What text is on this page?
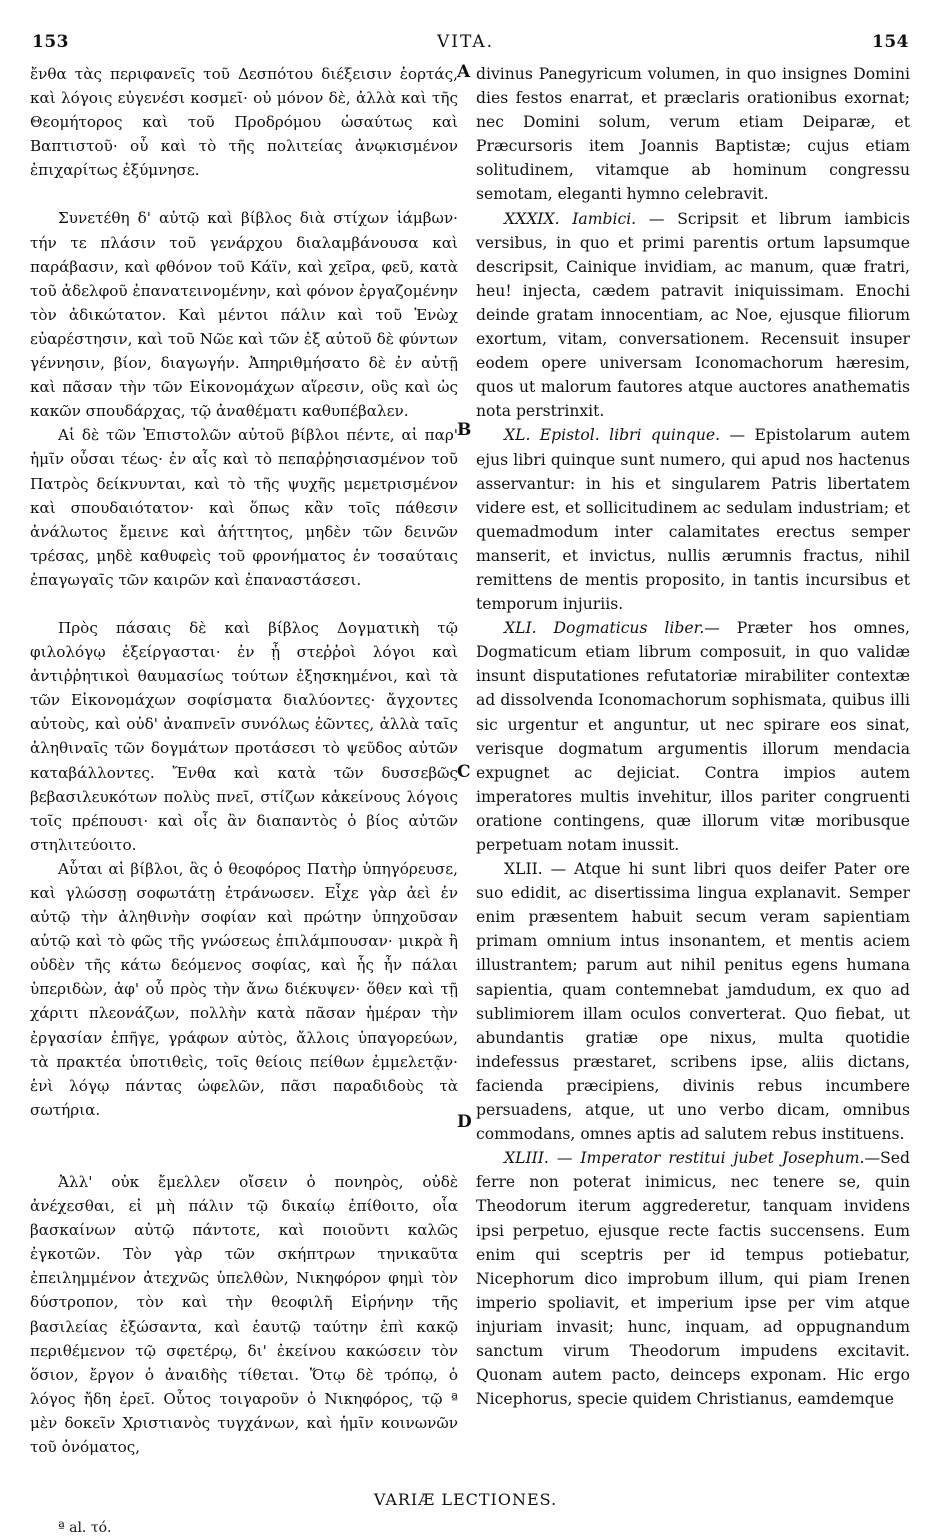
153	VITA.	154

ἔνθα τὰς περιφανεῖς τοῦ Δεσπότου διέξεισιν ἑορτάς, καὶ λόγοις εὐγενέσι κοσμεῖ· οὐ μόνον δὲ, ἀλλὰ καὶ τῆς Θεομήτορος καὶ τοῦ Προδρόμου ὡσαύτως καὶ Βαπτιστοῦ· οὗ καὶ τὸ τῆς πολιτείας ἀνῳκισμένον ἐπιχαρίτως ἐξύμνησε.

Συνετέθη δ' αὐτῷ καὶ βίβλος διὰ στίχων ἰάμβων· τήν τε πλάσιν τοῦ γενάρχου διαλαμβάνουσα καὶ παράβασιν, καὶ φθόνον τοῦ Κάϊν, καὶ χεῖρα, φεῦ, κατὰ τοῦ ἀδελφοῦ ἐπανατεινομένην, καὶ φόνον ἐργαζομένην τὸν ἀδικώτατον. Καὶ μέντοι πάλιν καὶ τοῦ Ἐνὼχ εὐαρέστησιν, καὶ τοῦ Νῶε καὶ τῶν ἐξ αὐτοῦ δὲ φύντων γέννησιν, βίον, διαγωγήν. Ἀπηριθμήσατο δὲ ἐν αὐτῇ καὶ πᾶσαν τὴν τῶν Εἰκονομάχων αἵρεσιν, οὓς καὶ ὡς κακῶν σπουδάρχας, τῷ ἀναθέματι καθυπέβαλεν.

Αἱ δὲ τῶν Ἐπιστολῶν αὐτοῦ βίβλοι πέντε, αἱ παρ' ἡμῖν οὖσαι τέως· ἐν αἷς καὶ τὸ πεπαῤῥησιασμένον τοῦ Πατρὸς δείκνυνται, καὶ τὸ τῆς ψυχῆς μεμετρισμένον καὶ σπουδαιότατον· καὶ ὅπως κἂν τοῖς πάθεσιν ἀνάλωτος ἔμεινε καὶ ἀήττητος, μηδὲν τῶν δεινῶν τρέσας, μηδὲ καθυφεὶς τοῦ φρονήματος ἐν τοσαύταις ἐπαγωγαῖς τῶν καιρῶν καὶ ἐπαναστάσεσι.

Πρὸς πάσαις δὲ καὶ βίβλος Δογματικὴ τῷ φιλολόγῳ ἐξείργασται· ἐν ᾗ στεῤῥοὶ λόγοι καὶ ἀντιῤῥητικοὶ θαυμασίως τούτων ἐξησκημένοι, καὶ τὰ τῶν Εἰκονομάχων σοφίσματα διαλύοντες· ἄγχοντες αὐτοὺς, καὶ οὐδ' ἀναπνεῖν συνόλως ἐῶντες, ἀλλὰ ταῖς ἀληθιναῖς τῶν δογμάτων προτάσεσι τὸ ψεῦδος αὐτῶν καταβάλλοντες. Ἔνθα καὶ κατὰ τῶν δυσσεβῶς βεβασιλευκότων πολὺς πνεῖ, στίζων κἀκείνους λόγοις τοῖς πρέπουσι· καὶ οἷς ἂν διαπαντὸς ὁ βίος αὐτῶν στηλιτεύοιτο.

Αὗται αἱ βίβλοι, ἃς ὁ θεοφόρος Πατὴρ ὑπηγόρευσε, καὶ γλώσσῃ σοφωτάτῃ ἐτράνωσεν. Εἶχε γὰρ ἀεὶ ἐν αὐτῷ τὴν ἀληθινὴν σοφίαν καὶ πρώτην ὑπηχοῦσαν αὐτῷ καὶ τὸ φῶς τῆς γνώσεως ἐπιλάμπουσαν· μικρὰ ἢ οὐδὲν τῆς κάτω δεόμενος σοφίας, καὶ ἧς ἦν πάλαι ὑπεριδὼν, ἀφ' οὗ πρὸς τὴν ἄνω διέκυψεν· ὅθεν καὶ τῇ χάριτι πλεονάζων, πολλὴν κατὰ πᾶσαν ἡμέραν τὴν ἐργασίαν ἐπῆγε, γράφων αὐτὸς, ἄλλοις ὑπαγορεύων, τὰ πρακτέα ὑποτιθεὶς, τοῖς θείοις πείθων ἐμμελετᾷν· ἑνὶ λόγῳ πάντας ὠφελῶν, πᾶσι παραδιδοὺς τὰ σωτήρια.

Ἀλλ' οὐκ ἔμελλεν οἴσειν ὁ πονηρὸς, οὐδὲ ἀνέχεσθαι, εἰ μὴ πάλιν τῷ δικαίῳ ἐπίθοιτο, οἷα βασκαίνων αὐτῷ πάντοτε, καὶ ποιοῦντι καλῶς ἐγκοτῶν. Τὸν γὰρ τῶν σκήπτρων τηνικαῦτα ἐπειλημμένον ἀτεχνῶς ὑπελθὼν, Νικηφόρον φημὶ τὸν δύστροπον, τὸν καὶ τὴν θεοφιλῆ Εἰρήνην τῆς βασιλείας ἐξώσαντα, καὶ ἑαυτῷ ταύτην ἐπὶ κακῷ περιθέμενον τῷ σφετέρῳ, δι' ἐκείνου κακώσειν τὸν ὅσιον, ἔργον ὁ ἀναιδὴς τίθεται. Ὅτῳ δὲ τρόπῳ, ὁ λόγος ἤδη ἐρεῖ. Οὗτος τοιγαροῦν ὁ Νικηφόρος, τῷ ª μὲν δοκεῖν Χριστιανὸς τυγχάνων, καὶ ἡμῖν κοινωνῶν τοῦ ὀνόματος,

A
B
C
D

divinus Panegyricum volumen, in quo insignes Domini dies festos enarrat, et præclaris orationibus exornat; nec Domini solum, verum etiam Deiparæ, et Præcursoris item Joannis Baptistæ; cujus etiam solitudinem, vitamque ab hominum congressu semotam, eleganti hymno celebravit.

XXXIX. Iambici. — Scripsit et librum iambicis versibus, in quo et primi parentis ortum lapsumque descripsit, Cainique invidiam, ac manum, quæ fratri, heu! injecta, cædem patravit iniquissimam. Enochi deinde gratam innocentiam, ac Noe, ejusque filiorum exortum, vitam, conversationem. Recensuit insuper eodem opere universam Iconomachorum hæresim, quos ut malorum fautores atque auctores anathematis nota perstrinxit.

XL. Epistol. libri quinque. — Epistolarum autem ejus libri quinque sunt numero, qui apud nos hactenus asservantur: in his et singularem Patris libertatem videre est, et sollicitudinem ac sedulam industriam; et quemadmodum inter calamitates erectus semper manserit, et invictus, nullis ærumnis fractus, nihil remittens de mentis proposito, in tantis incursibus et temporum injuriis.

XLI. Dogmaticus liber.— Præter hos omnes, Dogmaticum etiam librum composuit, in quo validæ insunt disputationes refutatoriæ mirabiliter contextæ ad dissolvenda Iconomachorum sophismata, quibus illi sic urgentur et anguntur, ut nec spirare eos sinat, verisque dogmatum argumentis illorum mendacia expugnet ac dejiciat. Contra impios autem imperatores multis invehitur, illos pariter congruenti oratione contingens, quæ illorum vitæ moribusque perpetuam notam inussit.

XLII. — Atque hi sunt libri quos deifer Pater ore suo edidit, ac disertissima lingua explanavit. Semper enim præsentem habuit secum veram sapientiam primam omnium intus insonantem, et mentis aciem illustrantem; parum aut nihil penitus egens humana sapientia, quam contemnebat jamdudum, ex quo ad sublimiorem illam oculos converterat. Quo fiebat, ut abundantis gratiæ ope nixus, multa quotidie indefessus præstaret, scribens ipse, aliis dictans, facienda præcipiens, divinis rebus incumbere persuadens, atque, ut uno verbo dicam, omnibus commodans, omnes aptis ad salutem rebus instituens.

XLIII. — Imperator restitui jubet Josephum.—Sed ferre non poterat inimicus, nec tenere se, quin Theodorum iterum aggrederetur, tanquam invidens ipsi perpetuo, ejusque recte factis succensens. Eum enim qui sceptris per id tempus potiebatur, Nicephorum dico improbum illum, qui piam Irenen imperio spoliavit, et imperium ipse per vim atque injuriam invasit; hunc, inquam, ad oppugnandum sanctum virum Theodorum impudens excitavit. Quonam autem pacto, deinceps exponam. Hic ergo Nicephorus, specie quidem Christianus, eamdemque

VARIÆ LECTIONES.
ª al. τό.
